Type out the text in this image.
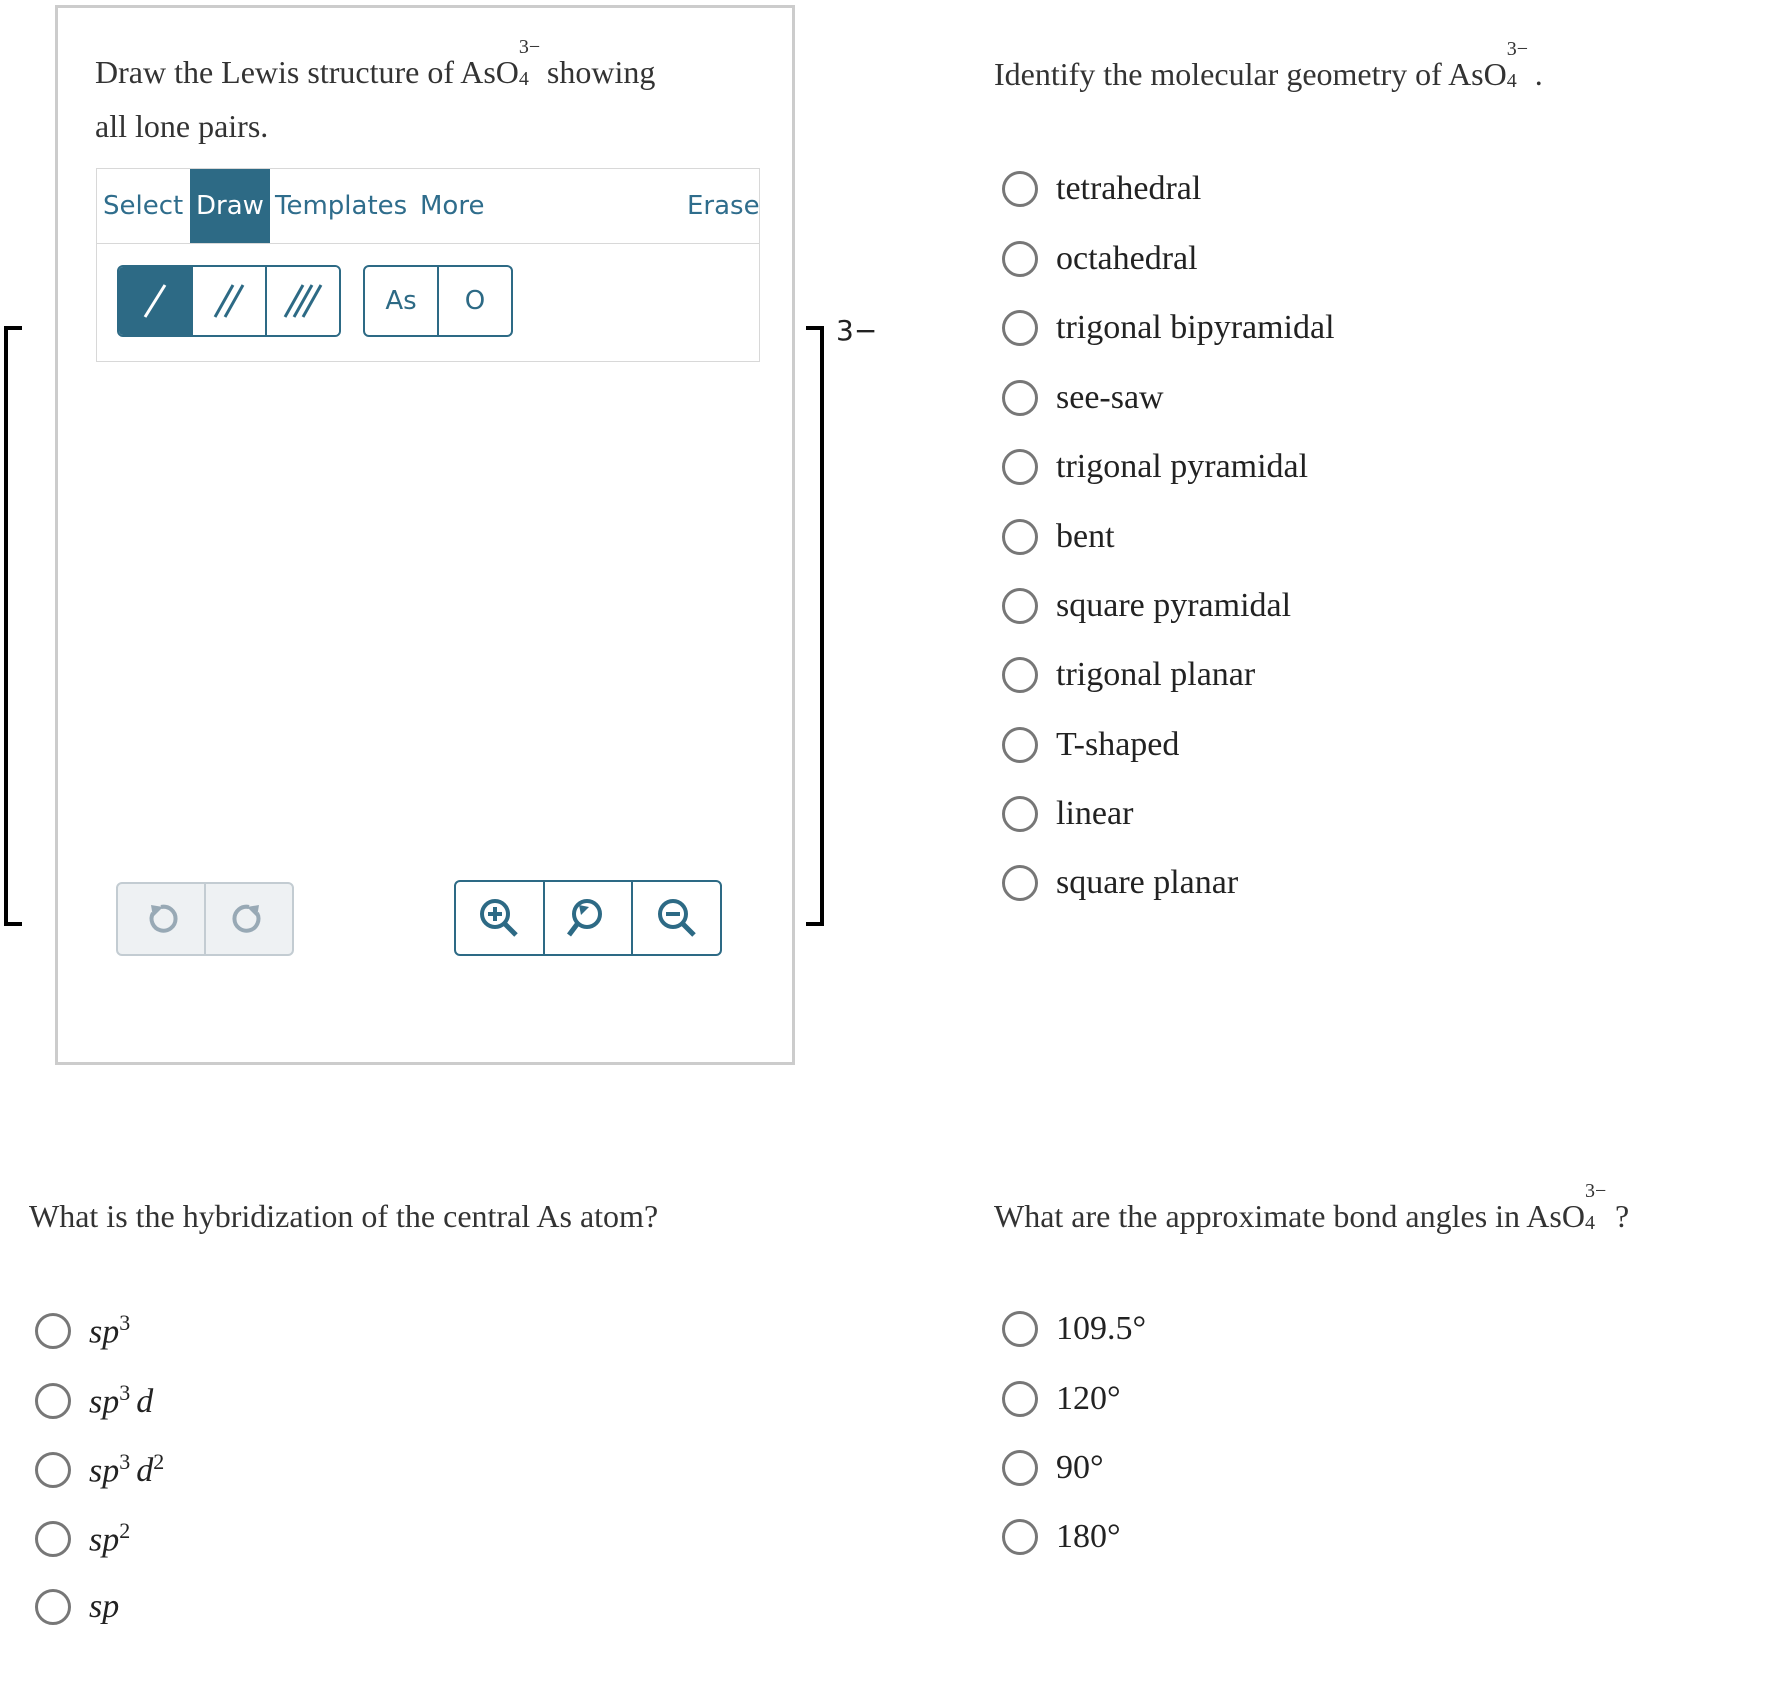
Draw the Lewis structure of AsO
3−
4 showing
all lone pairs.
Select Draw Templates More	Erase
As	O
3−
Identify the molecular geometry of AsO
3−
4 .
tetrahedral
octahedral
trigonal bipyramidal
see-saw
trigonal pyramidal
bent
square pyramidal
trigonal planar
T-shaped
linear
square planar
What is the hybridization of the central As atom?
$sp^3$
$sp^3$ d
$sp^3$ $d^2$
$sp^2$
sp
What are the approximate bond angles in AsO
3−
4 ?
109.5°
120°
90°
180°
